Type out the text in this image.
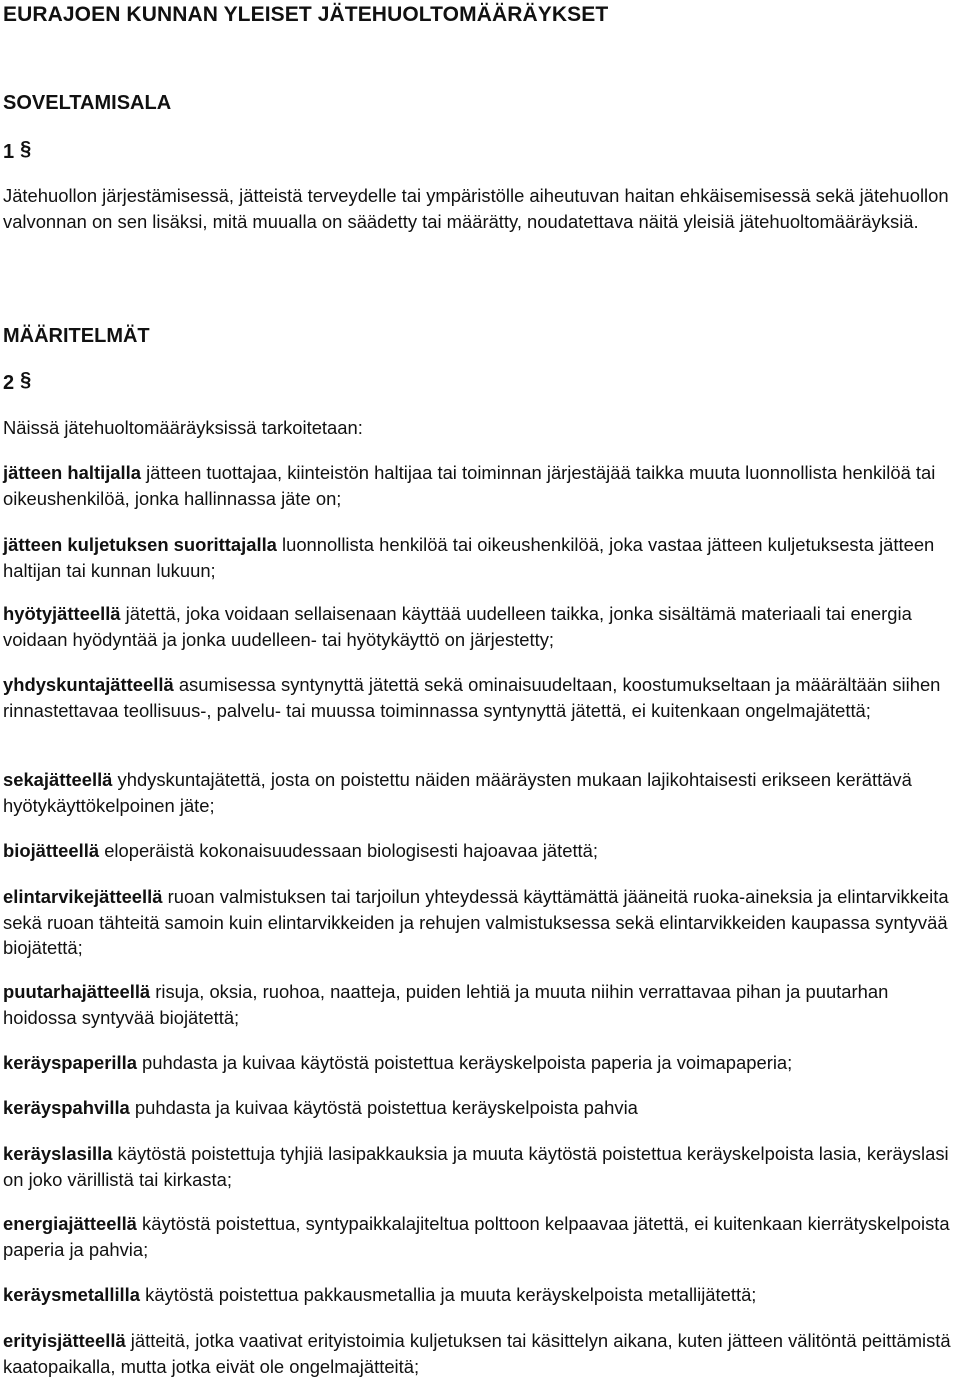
EURAJOEN KUNNAN YLEISET JÄTEHUOLTOMÄÄRÄYKSET
SOVELTAMISALA
1 §
Jätehuollon järjestämisessä, jätteistä terveydelle tai ympäristölle aiheutuvan haitan ehkäisemisessä sekä jätehuollon valvonnan on sen lisäksi, mitä muualla on säädetty tai määrätty, noudatettava näitä yleisiä jätehuoltomääräyksiä.
MÄÄRITELMÄT
2 §
Näissä jätehuoltomääräyksissä tarkoitetaan:
jätteen haltijalla jätteen tuottajaa, kiinteistön haltijaa tai toiminnan järjestäjää taikka muuta luonnollista henkilöä tai oikeushenkilöä, jonka hallinnassa jäte on;
jätteen kuljetuksen suorittajalla luonnollista henkilöä tai oikeushenkilöä, joka vastaa jätteen kuljetuksesta jätteen haltijan tai kunnan lukuun;
hyötyjätteellä jätettä, joka voidaan sellaisenaan käyttää uudelleen taikka, jonka sisältämä materiaali tai energia voidaan hyödyntää ja jonka uudelleen- tai hyötykäyttö on järjestetty;
yhdyskuntajätteellä asumisessa syntynyttä jätettä sekä ominaisuudeltaan, koostumukseltaan ja määrältään siihen rinnastettavaa teollisuus-, palvelu- tai muussa toiminnassa syntynyttä jätettä, ei kuitenkaan ongelmajätettä;
sekajätteellä yhdyskuntajätettä, josta on poistettu näiden määräysten mukaan lajikohtaisesti erikseen kerättävä hyötykäyttökelpoinen jäte;
biojätteellä eloperäistä kokonaisuudessaan biologisesti hajoavaa jätettä;
elintarvikejätteellä ruoan valmistuksen tai tarjoilun yhteydessä käyttämättä jääneitä ruoka-aineksia ja elintarvikkeita sekä ruoan tähteitä samoin kuin elintarvikkeiden ja rehujen valmistuksessa sekä elintarvikkeiden kaupassa syntyvää biojätettä;
puutarhajätteellä risuja, oksia, ruohoa, naatteja, puiden lehtiä ja muuta niihin verrattavaa pihan ja puutarhan hoidossa syntyvää biojätettä;
keräyspaperilla puhdasta ja kuivaa käytöstä poistettua keräyskelpoista paperia ja voimapaperia;
keräyspahvilla puhdasta ja kuivaa käytöstä poistettua keräyskelpoista pahvia
keräyslasilla käytöstä poistettuja tyhjiä lasipakkauksia ja muuta käytöstä poistettua keräyskelpoista lasia, keräyslasi on joko värillistä tai kirkasta;
energiajätteellä käytöstä poistettua, syntypaikkalajiteltua polttoon kelpaavaa jätettä, ei kuitenkaan kierrätyskelpoista paperia ja pahvia;
keräysmetallilla käytöstä poistettua pakkausmetallia ja muuta keräyskelpoista metallijätettä;
erityisjätteellä jätteitä, jotka vaativat erityistoimia kuljetuksen tai käsittelyn aikana, kuten jätteen välitöntä peittämistä kaatopaikalla, mutta jotka eivät ole ongelmajätteitä;
